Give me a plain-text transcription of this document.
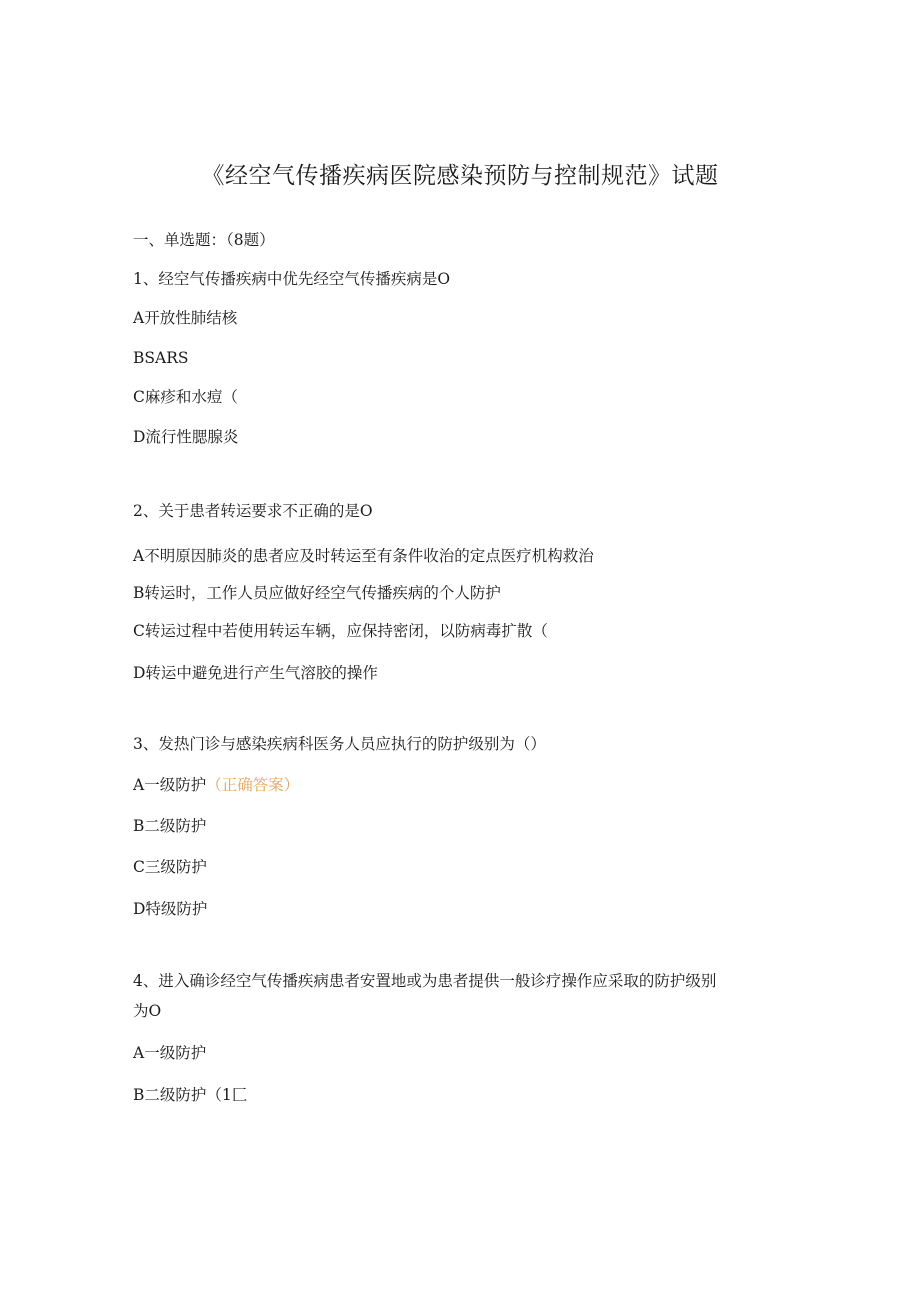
《经空气传播疾病医院感染预防与控制规范》试题
一、单选题：（8题）
1、经空气传播疾病中优先经空气传播疾病是O
A开放性肺结核
BSARS
C麻疹和水痘（
D流行性腮腺炎
2、关于患者转运要求不正确的是O
A不明原因肺炎的患者应及时转运至有条件收治的定点医疗机构救治
B转运时，工作人员应做好经空气传播疾病的个人防护
C转运过程中若使用转运车辆，应保持密闭，以防病毒扩散（
D转运中避免进行产生气溶胶的操作
3、发热门诊与感染疾病科医务人员应执行的防护级别为（）
A一级防护（正确答案）
B二级防护
C三级防护
D特级防护
4、进入确诊经空气传播疾病患者安置地或为患者提供一般诊疗操作应采取的防护级别
为O
A一级防护
B二级防护（1匚
